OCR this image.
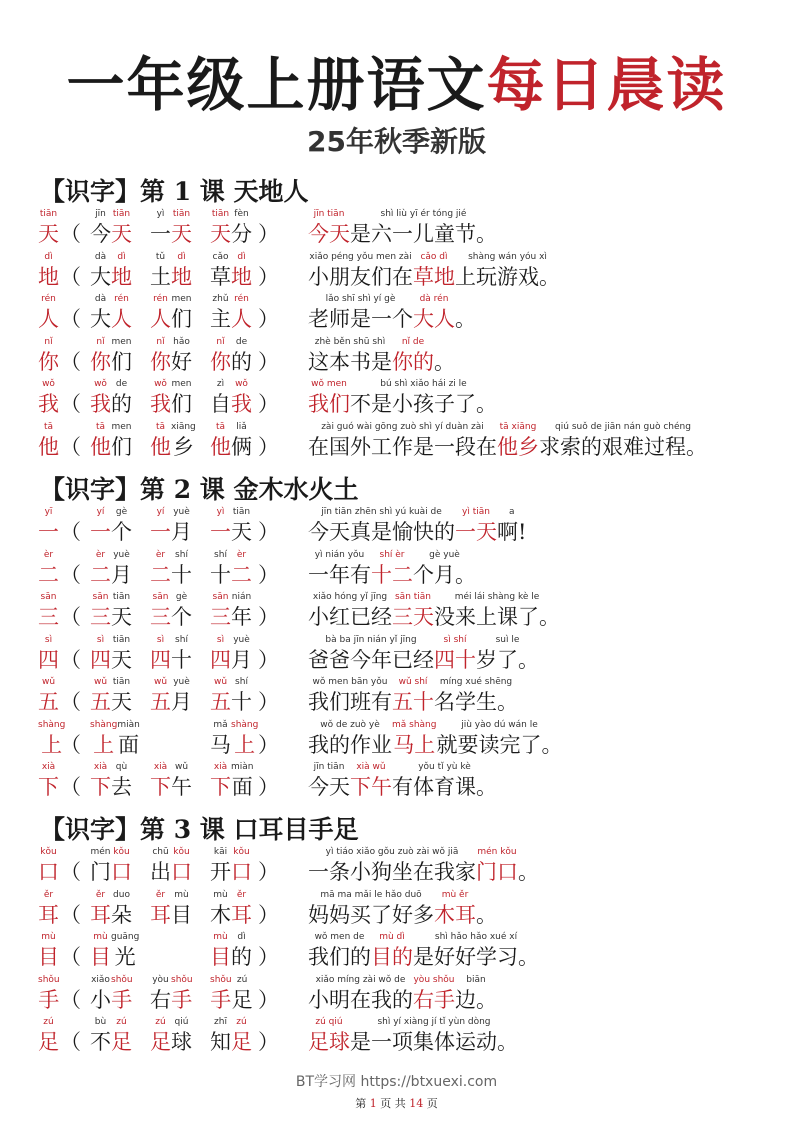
一年级上册语文每日晨读
25年秋季新版
【识字】第 1 课 天地人
tiān
天 （
jīn
今
tiān
天
yì
一
tiān
天
tiān
天
fèn
分 ）
jīn tiān
今天
shì liù yī ér tóng jié
是六一儿童节。
dì
地 （
dà
大
dì
地
tǔ
土
dì
地
cǎo
草
dì
地 ）
xiǎo péng yǒu men zài
小朋友们在
cǎo dì
草地
shàng wán yóu xì
上玩游戏。
rén
人 （
dà
大
rén
人
rén
人
men
们
zhǔ
主
rén
人 ）
lǎo shī shì yí gè
老师是一个
dà rén
大人 。
nǐ
你 （
nǐ
你
men
们
nǐ
你
hǎo
好
nǐ
你
de
的 ）
zhè běn shū shì
这本书是
nǐ de
你的 。
wǒ
我 （
wǒ
我
de
的
wǒ
我
men
们
zì
自
wǒ
我 ）
wǒ men
我们
bú shì xiǎo hái zi le
不是小孩子了。
tā
他 （
tā
他
men
们
tā
他
xiāng
乡
tā
他
liǎ
俩 ）
zài guó wài gōng zuò shì yí duàn zài
在国外工作是一段在
tā xiāng
他乡
qiú suǒ de jiān nán guò chéng
求索的艰难过程。
【识字】第 2 课 金木水火土
yī
一 （
yí
一
gè
个
yí
一
yuè
月
yì
一
tiān
天 ）
jīn tiān zhēn shì yú kuài de
今天真是愉快的
yì tiān
一天
a
啊!
èr
二 （
èr
二
yuè
月
èr
二
shí
十
shí
十
èr
二 ）
yì nián yǒu
一年有
shí èr
十二
gè yuè
个月。
sān
三 （
sān
三
tiān
天
sān
三
gè
个
sān
三
nián
年 ）
xiǎo hóng yǐ jīng
小红已经
sān tiān
三天
méi lái shàng kè le
没来上课了。
sì
四 （
sì
四
tiān
天
sì
四
shí
十
sì
四
yuè
月 ）
bà ba jīn nián yǐ jīng
爸爸今年已经
sì shí
四十
suì le
岁了。
wǔ
五 （
wǔ
五
tiān
天
wǔ
五
yuè
月
wǔ
五
shí
十 ）
wǒ men bān yǒu
我们班有
wǔ shí
五十
míng xué shēng
名学生。
shàng
上
（
shàng
上
miàn
面
mǎ
马
shàng
上 ）
wǒ de zuò yè
我的作业
mǎ shàng
马上
jiù yào dú wán le
就要读完了。
xià
下 （
xià
下
qù
去
xià
下
wǔ
午
xià
下
miàn
面 ）
jīn tiān
今天
xià wǔ
下午
yǒu tǐ yù kè
有体育课。
【识字】第 3 课 口耳目手足
kǒu
口 （
mén
门
kǒu
口
chū
出
kǒu
口
kāi
开
kǒu
口 ）
yì tiáo xiǎo gǒu zuò zài wǒ jiā
一条小狗坐在我家
mén kǒu
门口 。
ěr
耳 （
ěr
耳
duo
朵
ěr
耳
mù
目
mù
木
ěr
耳 ）
mā ma mǎi le hǎo duō
妈妈买了好多
mù ěr
木耳 。
mù
目 （
mù
目
guāng
光
mù
目
dì
的 ）
wǒ men de
我们的
mù dì
目的
shì hǎo hǎo xué xí
是好好学习。
shǒu
手 （
xiǎo
小
shǒu
手
yòu
右
shǒu
手
shǒu
手
zú
足 ）
xiǎo míng zài wǒ de
小明在我的
yòu shǒu
右手
biān
边。
zú
足 （
bù
不
zú
足
zú
足
qiú
球
zhī
知
zú
足 ）
zú qiú
足球
shì yí xiàng jí tǐ yùn dòng
是一项集体运动。
BT学习网 https://btxuexi.com
第 1 页 共 14 页
